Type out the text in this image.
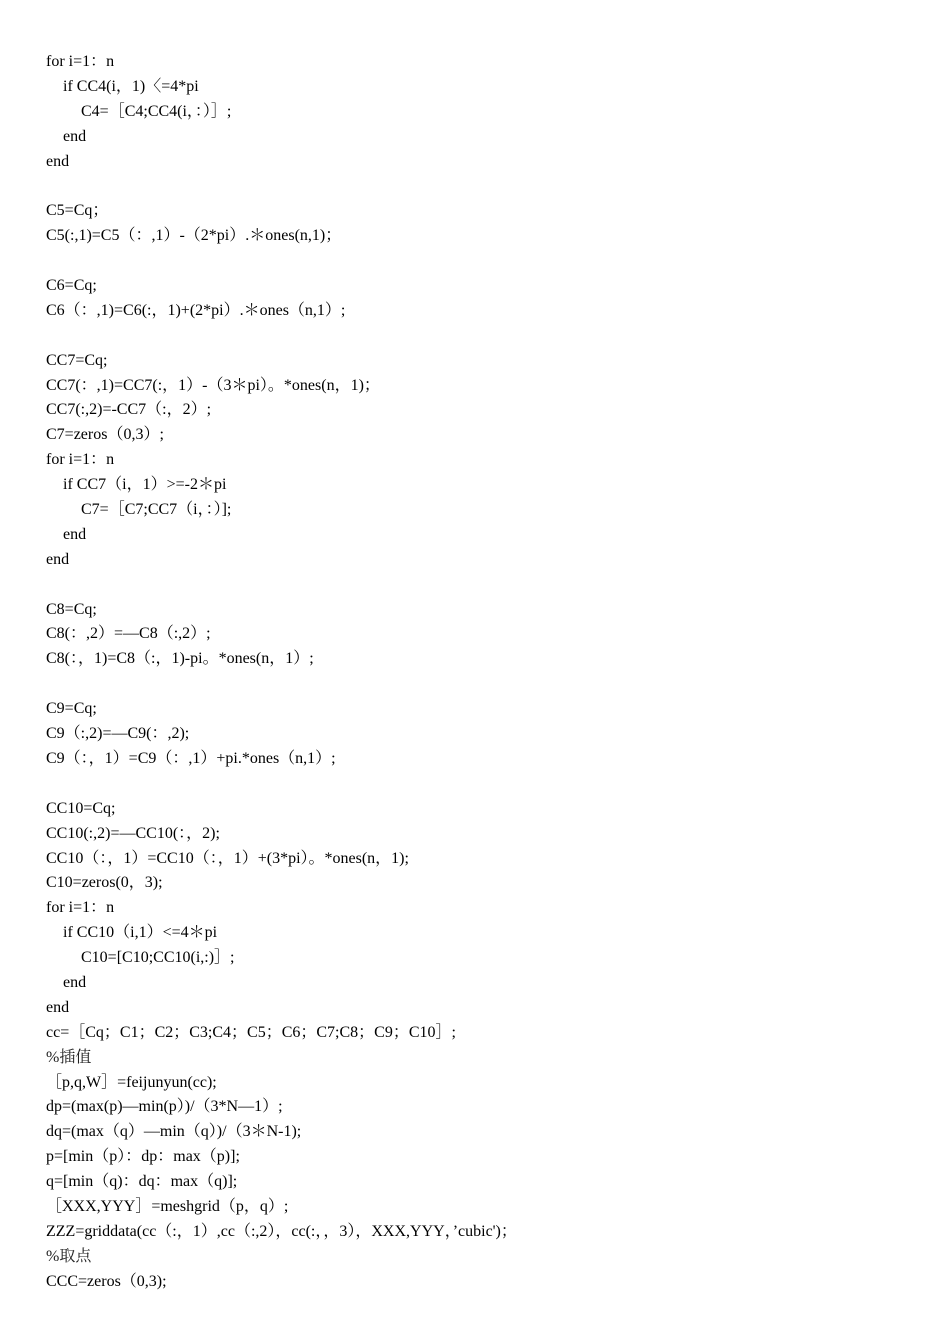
for i=1：n
if CC4(i，1)〈=4*pi
C4=［C4;CC4(i，：）］;
end
end
C5=Cq；
C5(:,1)=C5（：,1）-（2*pi）.＊ones(n,1)；
C6=Cq;
C6（：,1)=C6(:，1)+(2*pi）.＊ones（n,1）;
CC7=Cq;
CC7(：,1)=CC7(:，1）-（3＊pi）。*ones(n，1)；
CC7(:,2)=-CC7（:，2）;
C7=zeros（0,3）;
for i=1：n
if CC7（i，1）>=-2＊pi
C7=［C7;CC7（i，：）];
end
end
C8=Cq;
C8(：,2）=—C8（:,2）;
C8(：，1)=C8（:，1)-pi。*ones(n，1）;
C9=Cq;
C9（:,2)=—C9(：,2);
C9（：，1）=C9（：,1）+pi.*ones（n,1）;
CC10=Cq;
CC10(:,2)=—CC10(：，2);
CC10（：，1）=CC10（：，1）+(3*pi）。*ones(n，1);
C10=zeros(0，3);
for i=1：n
if CC10（i,1）<=4＊pi
C10=[C10;CC10(i,:)］;
end
end
cc=［Cq；C1；C2；C3;C4；C5；C6；C7;C8；C9；C10］;
%插值
［p,q,W］=feijunyun(cc);
dp=(max(p)—min(p）)/（3*N—1）;
dq=(max（q）—min（q）)/（3＊N-1);
p=[min（p）：dp：max（p)];
q=[min（q)：dq：max（q)];
［XXX,YYY］=meshgrid（p，q）;
ZZZ=griddata(cc（:，1）,cc（:,2），cc(:，，3），XXX,YYY，’cubic')；
%取点
CCC=zeros（0,3);
